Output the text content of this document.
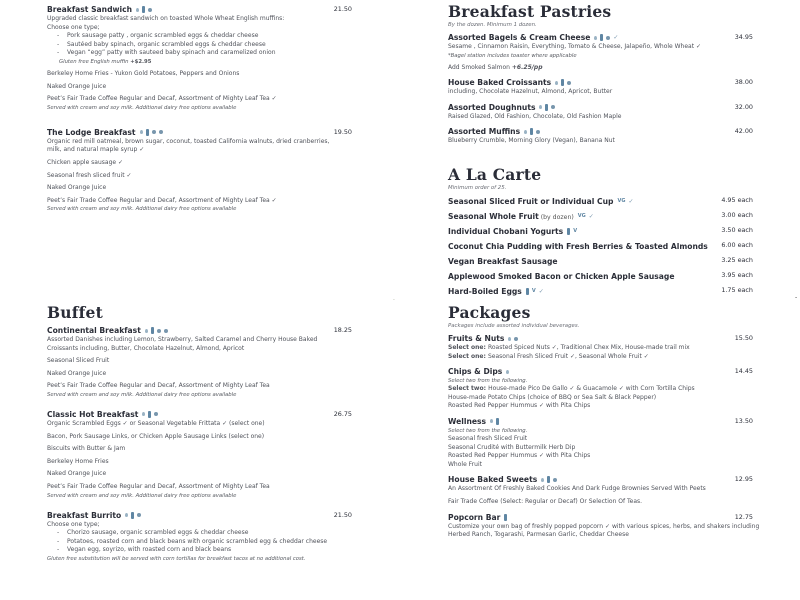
Breakfast Sandwich	21.50
Upgraded classic breakfast sandwich on toasted Whole Wheat English muffins:
Choose one type;
- Pork sausage patty , organic scrambled eggs & cheddar cheese
- Sautéed baby spinach, organic scrambled eggs & cheddar cheese
- Vegan “egg” patty with sauteed baby spinach and caramelized onion
Gluten free English muffin +$2.95
Berkeley Home Fries - Yukon Gold Potatoes, Peppers and Onions
Naked Orange Juice
Peet’s Fair Trade Coffee Regular and Decaf, Assortment of Mighty Leaf Tea ✓
Served with cream and soy milk. Additional dairy free options available
The Lodge Breakfast	19.50
Organic red mill oatmeal, brown sugar, coconut, toasted California walnuts, dried cranberries,
milk, and natural maple syrup ✓
Chicken apple sausage ✓
Seasonal fresh sliced fruit ✓
Naked Orange Juice
Peet’s Fair Trade Coffee Regular and Decaf, Assortment of Mighty Leaf Tea ✓
Served with cream and soy milk. Additional dairy free options available
Buffet
Continental Breakfast	18.25
Assorted Danishes including Lemon, Strawberry, Salted Caramel and Cherry House Baked
Croissants including, Butter, Chocolate Hazelnut, Almond, Apricot
Seasonal Sliced Fruit
Naked Orange Juice
Peet’s Fair Trade Coffee Regular and Decaf, Assortment of Mighty Leaf Tea
Served with cream and soy milk. Additional dairy free options available
Classic Hot Breakfast	26.75
Organic Scrambled Eggs ✓ or Seasonal Vegetable Frittata ✓ (select one)
Bacon, Pork Sausage Links, or Chicken Apple Sausage Links (select one)
Biscuits with Butter & Jam
Berkeley Home Fries
Naked Orange Juice
Peet’s Fair Trade Coffee Regular and Decaf, Assortment of Mighty Leaf Tea
Served with cream and soy milk. Additional dairy free options available
Breakfast Burrito	21.50
Choose one type;
- Chorizo sausage, organic scrambled eggs & cheddar cheese
- Potatoes, roasted corn and black beans with organic scrambled egg & cheddar cheese
- Vegan egg, soyrizo, with roasted corn and black beans
Gluten free substitution will be served with corn tortillas for breakfast tacos at no additional cost.
Breakfast Pastries
By the dozen. Minimum 1 dozen.
Assorted Bagels & Cream Cheese	✓	34.95
Sesame , Cinnamon Raisin, Everything, Tomato & Cheese, Jalapeño, Whole Wheat ✓
*Bagel station includes toaster where applicable
Add Smoked Salmon +6.25/pp
House Baked Croissants	38.00
including, Chocolate Hazelnut, Almond, Apricot, Butter
Assorted Doughnuts	32.00
Raised Glazed, Old Fashion, Chocolate, Old Fashion Maple
Assorted Muffins	42.00
Blueberry Crumble, Morning Glory (Vegan), Banana Nut
A La Carte
Minimum order of 25.
Seasonal Sliced Fruit or Individual Cup VG ✓	4.95 each
Seasonal Whole Fruit (by dozen) VG ✓	3.00 each
Individual Chobani Yogurts V	3.50 each
Coconut Chia Pudding with Fresh Berries & Toasted Almonds 6.00 each
Vegan Breakfast Sausage	3.25 each
Applewood Smoked Bacon or Chicken Apple Sausage	3.95 each
Hard-Boiled Eggs V ✓	1.75 each
Packages
Packages include assorted individual beverages.
Fruits & Nuts	15.50
Select one: Roasted Spiced Nuts ✓, Traditional Chex Mix, House-made trail mix
Select one: Seasonal Fresh Sliced Fruit ✓, Seasonal Whole Fruit ✓
Chips & Dips	14.45
Select two from the following.
Select two: House-made Pico De Gallo ✓ & Guacamole ✓ with Corn Tortilla Chips
House-made Potato Chips (choice of BBQ or Sea Salt & Black Pepper)
Roasted Red Pepper Hummus ✓ with Pita Chips
Wellness	13.50
Select two from the following.
Seasonal fresh Sliced Fruit
Seasonal Crudité with Buttermilk Herb Dip
Roasted Red Pepper Hummus ✓ with Pita Chips
Whole Fruit
House Baked Sweets	12.95
An Assortment Of Freshly Baked Cookies And Dark Fudge Brownies Served With Peets
Fair Trade Coffee (Select: Regular or Decaf) Or Selection Of Teas.
Popcorn Bar	12.75
Customize your own bag of freshly popped popcorn ✓ with various spices, herbs, and shakers including
Herbed Ranch, Togarashi, Parmesan Garlic, Cheddar Cheese
·	-
